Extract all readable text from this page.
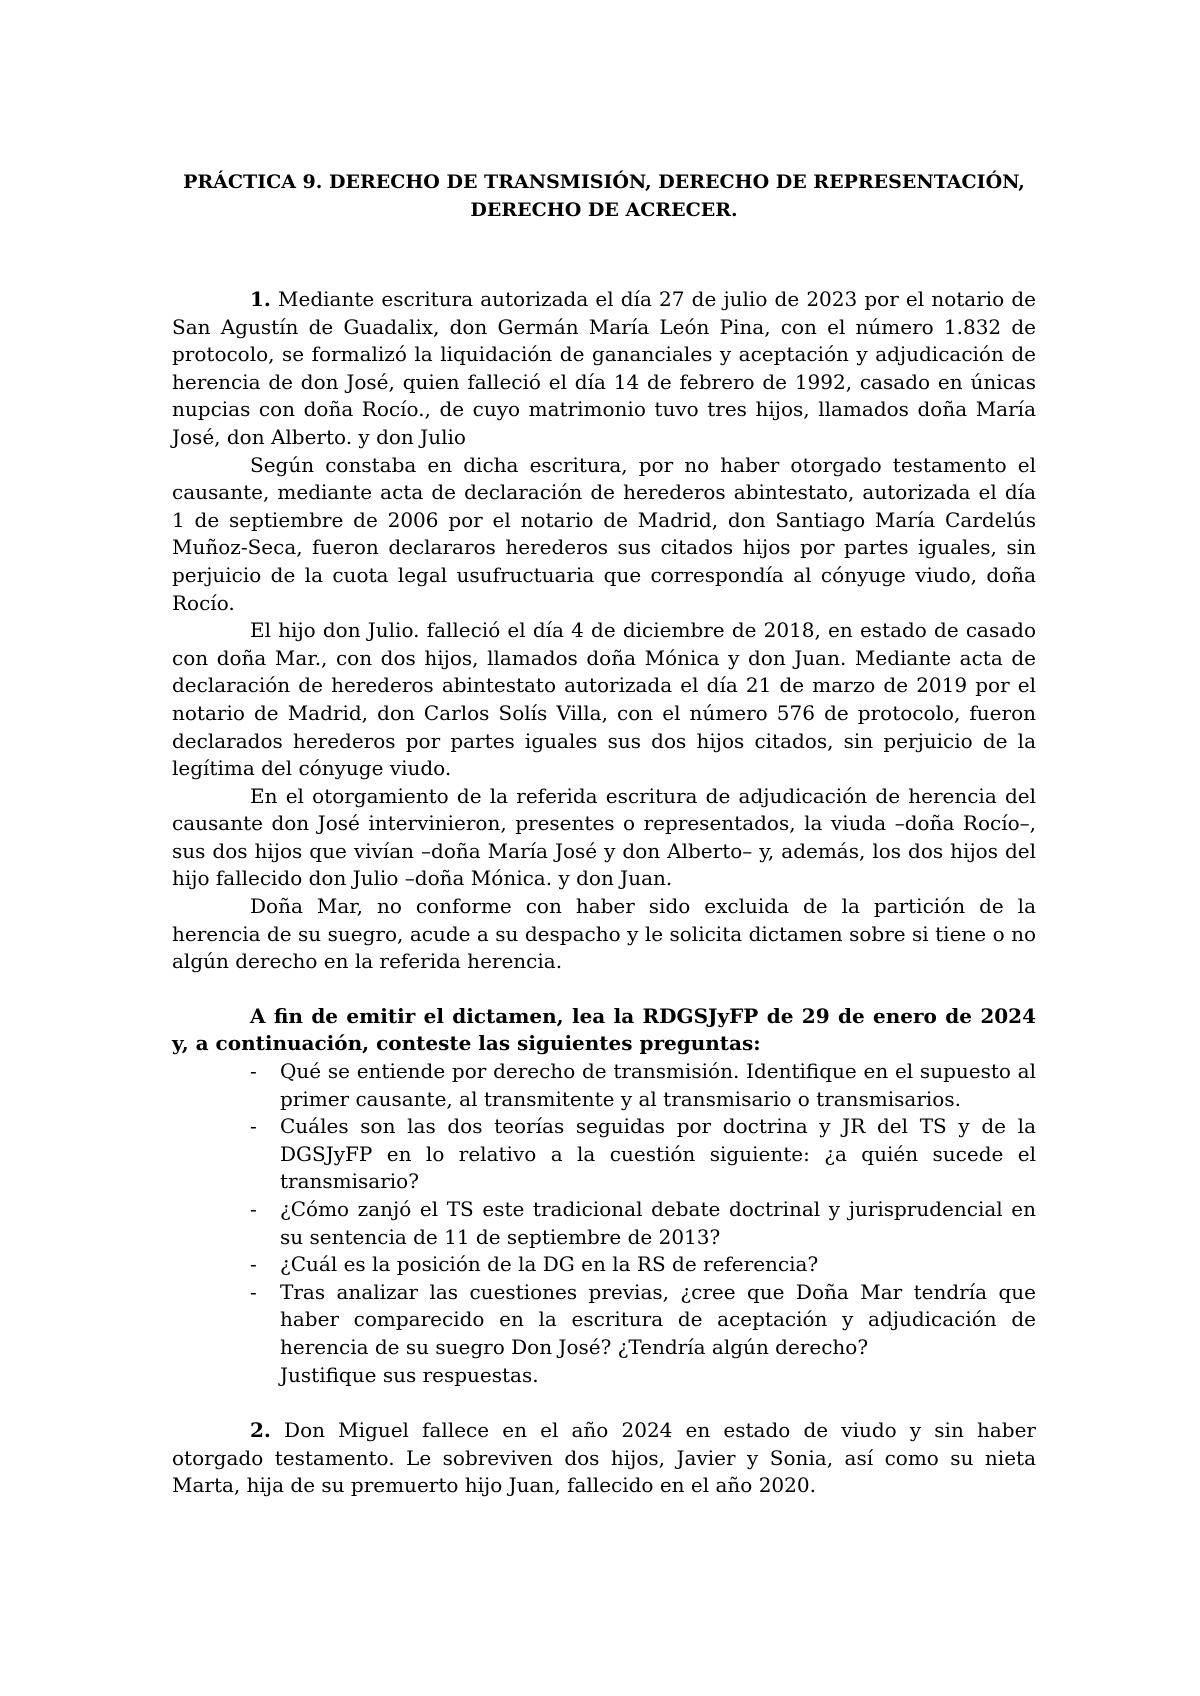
PRÁCTICA 9. DERECHO DE TRANSMISIÓN, DERECHO DE REPRESENTACIÓN,
DERECHO DE ACRECER.

1. Mediante escritura autorizada el día 27 de julio de 2023 por el notario de San Agustín de Guadalix, don Germán María León Pina, con el número 1.832 de protocolo, se formalizó la liquidación de gananciales y aceptación y adjudicación de herencia de don José, quien falleció el día 14 de febrero de 1992, casado en únicas nupcias con doña Rocío., de cuyo matrimonio tuvo tres hijos, llamados doña María José, don Alberto. y don Julio

Según constaba en dicha escritura, por no haber otorgado testamento el causante, mediante acta de declaración de herederos abintestato, autorizada el día 1 de septiembre de 2006 por el notario de Madrid, don Santiago María Cardelús Muñoz-Seca, fueron declararos herederos sus citados hijos por partes iguales, sin perjuicio de la cuota legal usufructuaria que correspondía al cónyuge viudo, doña Rocío.

El hijo don Julio. falleció el día 4 de diciembre de 2018, en estado de casado con doña Mar., con dos hijos, llamados doña Mónica y don Juan. Mediante acta de declaración de herederos abintestato autorizada el día 21 de marzo de 2019 por el notario de Madrid, don Carlos Solís Villa, con el número 576 de protocolo, fueron declarados herederos por partes iguales sus dos hijos citados, sin perjuicio de la legítima del cónyuge viudo.

En el otorgamiento de la referida escritura de adjudicación de herencia del causante don José intervinieron, presentes o representados, la viuda –doña Rocío–, sus dos hijos que vivían –doña María José y don Alberto– y, además, los dos hijos del hijo fallecido don Julio –doña Mónica. y don Juan.

Doña Mar, no conforme con haber sido excluida de la partición de la herencia de su suegro, acude a su despacho y le solicita dictamen sobre si tiene o no algún derecho en la referida herencia.

A fin de emitir el dictamen, lea la RDGSJyFP de 29 de enero de 2024 y, a continuación, conteste las siguientes preguntas:

- Qué se entiende por derecho de transmisión. Identifique en el supuesto al primer causante, al transmitente y al transmisario o transmisarios.
- Cuáles son las dos teorías seguidas por doctrina y JR del TS y de la DGSJyFP en lo relativo a la cuestión siguiente: ¿a quién sucede el transmisario?
- ¿Cómo zanjó el TS este tradicional debate doctrinal y jurisprudencial en su sentencia de 11 de septiembre de 2013?
- ¿Cuál es la posición de la DG en la RS de referencia?
- Tras analizar las cuestiones previas, ¿cree que Doña Mar tendría que haber comparecido en la escritura de aceptación y adjudicación de herencia de su suegro Don José? ¿Tendría algún derecho?
Justifique sus respuestas.

2. Don Miguel fallece en el año 2024 en estado de viudo y sin haber otorgado testamento. Le sobreviven dos hijos, Javier y Sonia, así como su nieta Marta, hija de su premuerto hijo Juan, fallecido en el año 2020.
